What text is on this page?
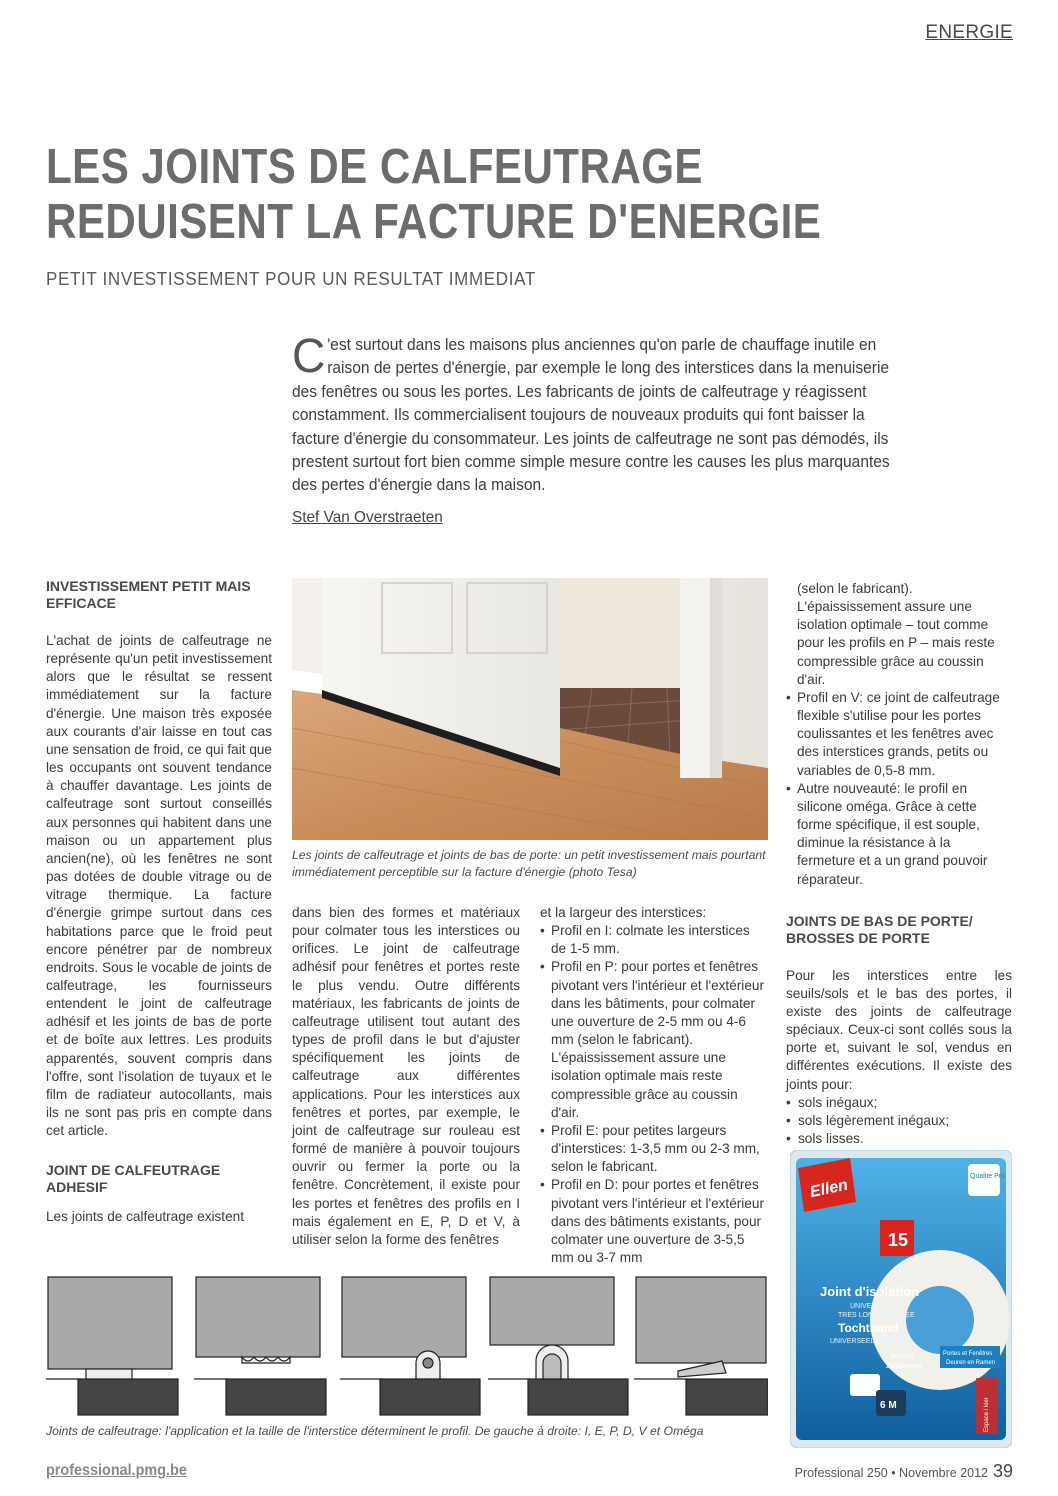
ENERGIE
LES JOINTS DE CALFEUTRAGE
REDUISENT LA FACTURE D'ENERGIE
PETIT INVESTISSEMENT POUR UN RESULTAT IMMEDIAT
C 'est surtout dans les maisons plus anciennes qu'on parle de chauffage inutile en raison de pertes d'énergie, par exemple le long des interstices dans la menuiserie des fenêtres ou sous les portes. Les fabricants de joints de calfeutrage y réagissent constamment. Ils commercialisent toujours de nouveaux produits qui font baisser la facture d'énergie du consommateur. Les joints de calfeutrage ne sont pas démodés, ils prestent surtout fort bien comme simple mesure contre les causes les plus marquantes des pertes d'énergie dans la maison.
Stef Van Overstraeten
INVESTISSEMENT PETIT MAIS EFFICACE

L'achat de joints de calfeutrage ne représente qu'un petit investissement alors que le résultat se ressent immédiatement sur la facture d'énergie. Une maison très exposée aux courants d'air laisse en tout cas une sensation de froid, ce qui fait que les occupants ont souvent tendance à chauffer davantage. Les joints de calfeutrage sont surtout conseillés aux personnes qui habitent dans une maison ou un appartement plus ancien(ne), où les fenêtres ne sont pas dotées de double vitrage ou de vitrage thermique. La facture d'énergie grimpe surtout dans ces habitations parce que le froid peut encore pénétrer par de nombreux endroits. Sous le vocable de joints de calfeutrage, les fournisseurs entendent le joint de calfeutrage adhésif et les joints de bas de porte et de boîte aux lettres. Les produits apparentés, souvent compris dans l'offre, sont l'isolation de tuyaux et le film de radiateur autocollants, mais ils ne sont pas pris en compte dans cet article.

JOINT DE CALFEUTRAGE ADHESIF

Les joints de calfeutrage existent

Les joints de calfeutrage et joints de bas de porte: un petit investissement mais pourtant immédiatement perceptible sur la facture d'énergie (photo Tesa)

dans bien des formes et matériaux pour colmater tous les interstices ou orifices. Le joint de calfeutrage adhésif pour fenêtres et portes reste le plus vendu. Outre différents matériaux, les fabricants de joints de calfeutrage utilisent tout autant des types de profil dans le but d'ajuster spécifiquement les joints de calfeutrage aux différentes applications. Pour les interstices aux fenêtres et portes, par exemple, le joint de calfeutrage sur rouleau est formé de manière à pouvoir toujours ouvrir ou fermer la porte ou la fenêtre. Concrètement, il existe pour les portes et fenêtres des profils en I mais également en E, P, D et V, à utiliser selon la forme des fenêtres

et la largeur des interstices:

• Profil en I: colmate les interstices de 1-5 mm.
• Profil en P: pour portes et fenêtres pivotant vers l'intérieur et l'extérieur dans les bâtiments, pour colmater une ouverture de 2-5 mm ou 4-6 mm (selon le fabricant). L'épaississement assure une isolation optimale mais reste compressible grâce au coussin d'air.
• Profil E: pour petites largeurs d'interstices: 1-3,5 mm ou 2-3 mm, selon le fabricant.
• Profil en D: pour portes et fenêtres pivotant vers l'intérieur et l'extérieur dans des bâtiments existants, pour colmater une ouverture de 3-5,5 mm ou 3-7 mm

(selon le fabricant). L'épaississement assure une isolation optimale – tout comme pour les profils en P – mais reste compressible grâce au coussin d'air.

• Profil en V: ce joint de calfeutrage flexible s'utilise pour les portes coulissantes et les fenêtres avec des interstices grands, petits ou variables de 0,5-8 mm.
• Autre nouveauté: le profil en silicone oméga. Grâce à cette forme spécifique, il est souple, diminue la résistance à la fermeture et a un grand pouvoir réparateur.
JOINTS DE BAS DE PORTE/ BROSSES DE PORTE

Pour les interstices entre les seuils/sols et le bas des portes, il existe des joints de calfeutrage spéciaux. Ceux-ci sont collés sous la porte et, suivant le sol, vendus en différentes exécutions. Il existe des joints pour:

• sols inégaux;
• sols légèrement inégaux;
• sols lisses.
Joints de calfeutrage: l'application et la taille de l'interstice déterminent le profil. De gauche à droite: I, E, P, D, V et Oméga
Ellen
Qualité Pro
15
Joint d'isolation
UNIVERSEL
TRES LONGUE DUREE
Tochtband
UNIVERSEEL DE BESTE
Portes et Fenêtres
Deuren en Ramen
Adhesif
Zelfklevend
6 M	Espace / kier
professional.pmg.be	Professional 250 • Novembre 2012 39
